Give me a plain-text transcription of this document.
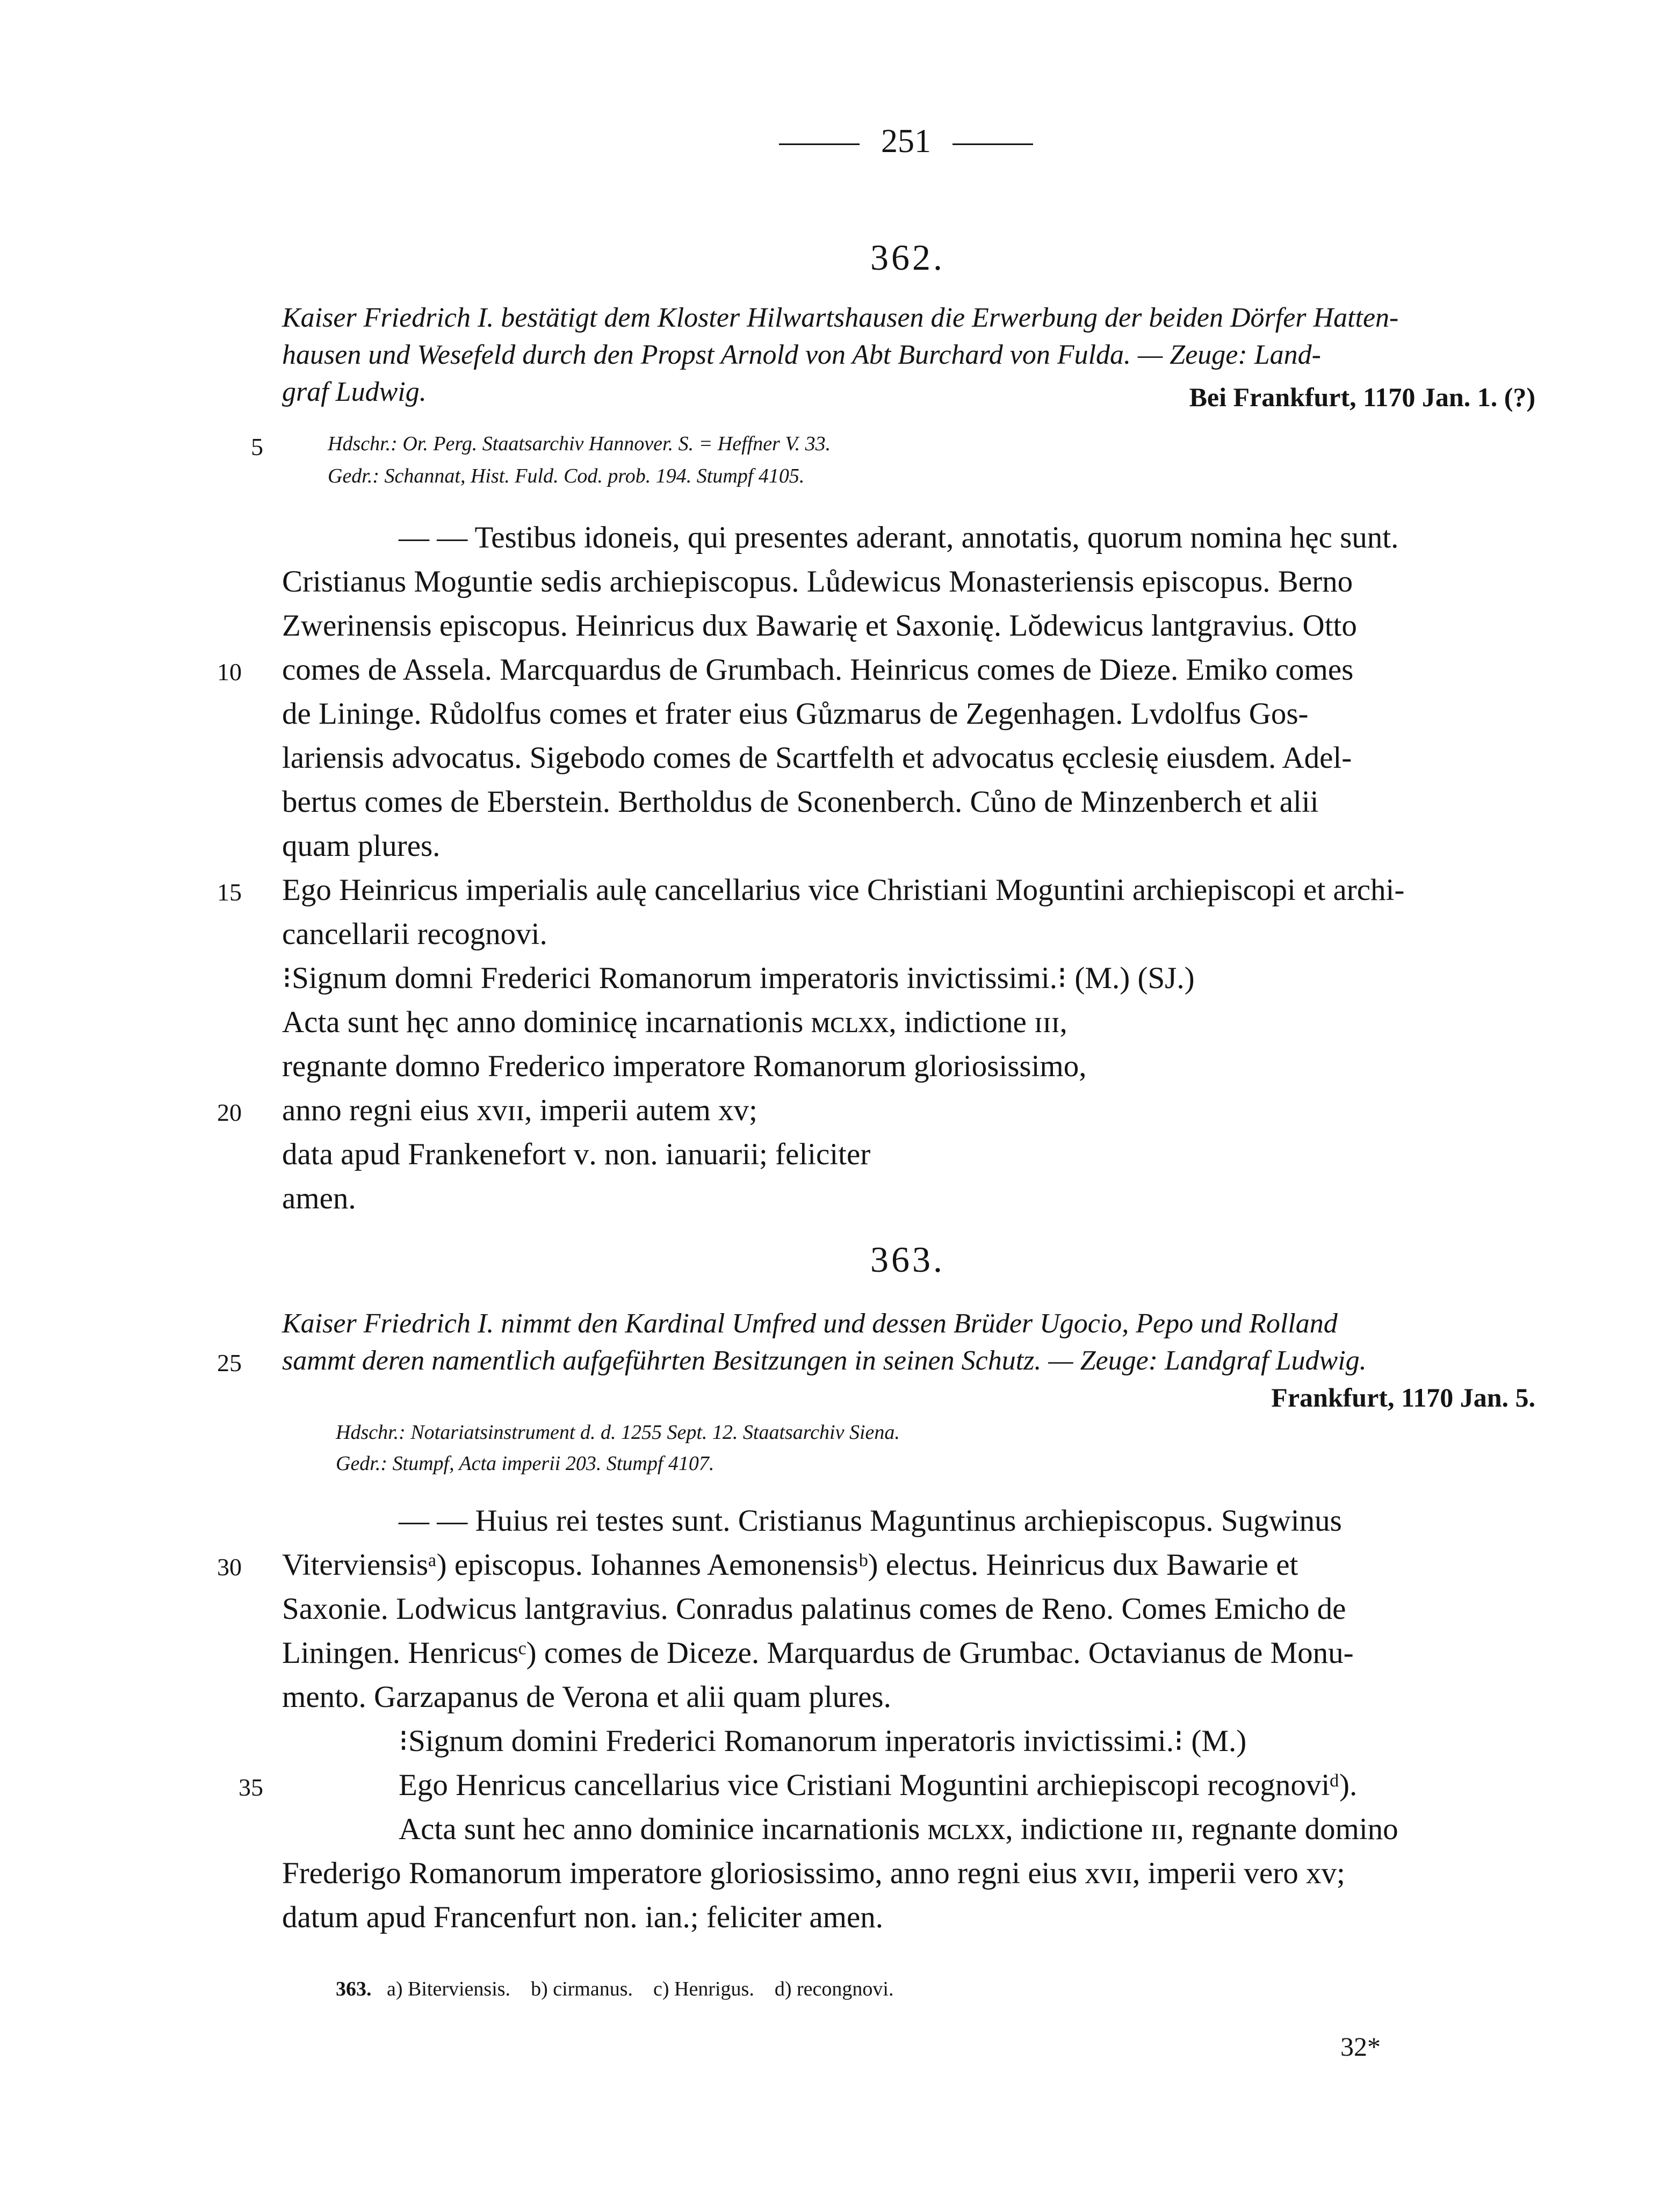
251
362.
Kaiser Friedrich I. bestätigt dem Kloster Hilwartshausen die Erwerbung der beiden Dörfer Hatten-
hausen und Wesefeld durch den Propst Arnold von Abt Burchard von Fulda. — Zeuge: Land-
graf Ludwig.	Bei Frankfurt, 1170 Jan. 1. (?)
5	Hdschr.: Or. Perg. Staatsarchiv Hannover. S. = Heffner V. 33.
Gedr.: Schannat, Hist. Fuld. Cod. prob. 194. Stumpf 4105.
— — Testibus idoneis, qui presentes aderant, annotatis, quorum nomina hęc sunt.
Cristianus Moguntie sedis archiepiscopus. Lůdewicus Monasteriensis episcopus. Berno
Zwerinensis episcopus. Heinricus dux Bawarię et Saxonię. Lŏdewicus lantgravius. Otto
10 comes de Assela. Marcquardus de Grumbach. Heinricus comes de Dieze. Emiko comes
de Lininge. Růdolfus comes et frater eius Gůzmarus de Zegenhagen. Lvdolfus Gos-
lariensis advocatus. Sigebodo comes de Scartfelth et advocatus ęcclesię eiusdem. Adel-
bertus comes de Eberstein. Bertholdus de Sconenberch. Cůno de Minzenberch et alii
quam plures.
15 Ego Heinricus imperialis aulę cancellarius vice Christiani Moguntini archiepiscopi et archi-
cancellarii recognovi.
⁝Signum domni Frederici Romanorum imperatoris invictissimi.⁝ (M.) (SJ.)
Acta sunt hęc anno dominicę incarnationis ᴍᴄʟxx, indictione ɪɪɪ,
regnante domno Frederico imperatore Romanorum gloriosissimo,
20 anno regni eius xᴠɪɪ, imperii autem xᴠ;
data apud Frankenefort ᴠ. non. ianuarii; feliciter
amen.
363.
Kaiser Friedrich I. nimmt den Kardinal Umfred und dessen Brüder Ugocio, Pepo und Rolland
25 sammt deren namentlich aufgeführten Besitzungen in seinen Schutz. — Zeuge: Landgraf Ludwig.
Frankfurt, 1170 Jan. 5.
Hdschr.: Notariatsinstrument d. d. 1255 Sept. 12. Staatsarchiv Siena.
Gedr.: Stumpf, Acta imperii 203. Stumpf 4107.
— — Huius rei testes sunt. Cristianus Maguntinus archiepiscopus. Sugwinus
30 Viterviensisᵃ) episcopus. Iohannes Aemonensisᵇ) electus. Heinricus dux Bawarie et
Saxonie. Lodwicus lantgravius. Conradus palatinus comes de Reno. Comes Emicho de
Liningen. Henricusᶜ) comes de Diceze. Marquardus de Grumbac. Octavianus de Monu-
mento. Garzapanus de Verona et alii quam plures.
⁝Signum domini Frederici Romanorum inperatoris invictissimi.⁝ (M.)
35	Ego Henricus cancellarius vice Cristiani Moguntini archiepiscopi recognoviᵈ).
Acta sunt hec anno dominice incarnationis ᴍᴄʟxx, indictione ɪɪɪ, regnante domino
Frederigo Romanorum imperatore gloriosissimo, anno regni eius xᴠɪɪ, imperii vero xᴠ;
datum apud Francenfurt non. ian.; feliciter amen.
363. a) Biterviensis. b) cirmanus. c) Henrigus. d) recongnovi.
32*
